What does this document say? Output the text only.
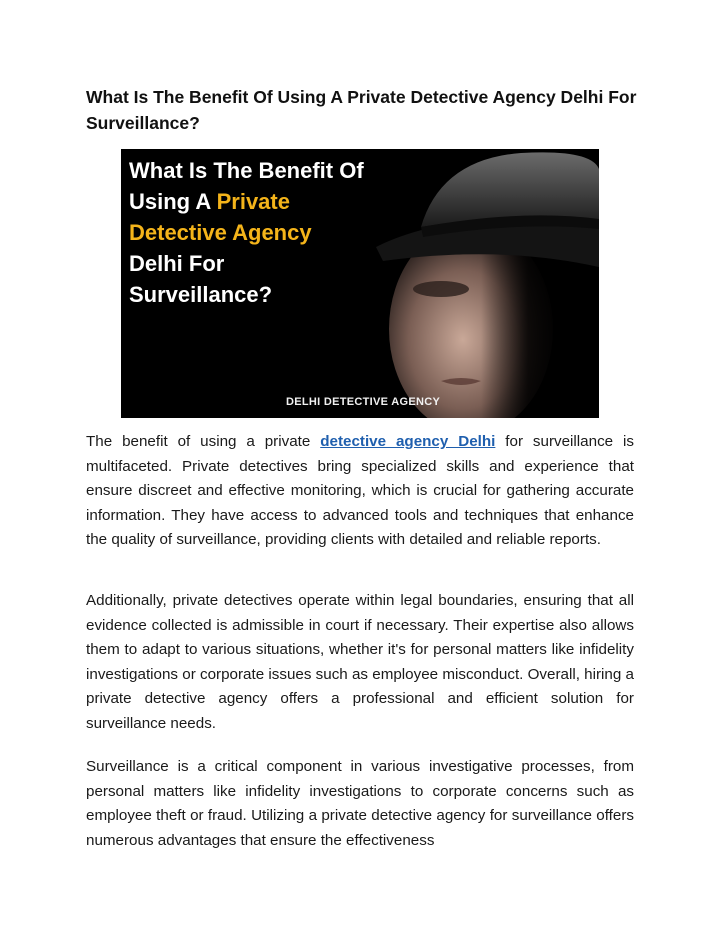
What Is The Benefit Of Using A Private Detective Agency Delhi For Surveillance?
What Is The Benefit Of
Using A Private
Detective Agency
Delhi For
Surveillance?
DELHI DETECTIVE AGENCY

The benefit of using a private detective agency Delhi for surveillance is multifaceted. Private detectives bring specialized skills and experience that ensure discreet and effective monitoring, which is crucial for gathering accurate information. They have access to advanced tools and techniques that enhance the quality of surveillance, providing clients with detailed and reliable reports.

Additionally, private detectives operate within legal boundaries, ensuring that all evidence collected is admissible in court if necessary. Their expertise also allows them to adapt to various situations, whether it's for personal matters like infidelity investigations or corporate issues such as employee misconduct. Overall, hiring a private detective agency offers a professional and efficient solution for surveillance needs.

Surveillance is a critical component in various investigative processes, from personal matters like infidelity investigations to corporate concerns such as employee theft or fraud. Utilizing a private detective agency for surveillance offers numerous advantages that ensure the effectiveness
